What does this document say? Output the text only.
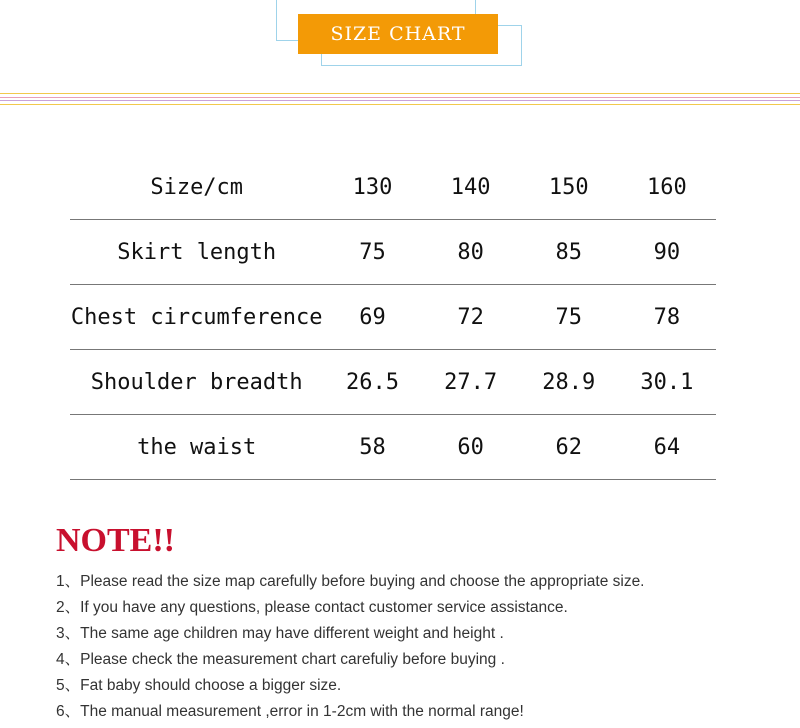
SIZE CHART
Size/cm	130	140	150	160
Skirt length	75	80	85	90
Chest circumference	69	72	75	78
Shoulder breadth	26.5	27.7	28.9	30.1
the waist	58	60	62	64
NOTE!!
1、Please read the size map carefully before buying and choose the appropriate size.
2、If you have any questions, please contact customer service assistance.
3、The same age children may have different weight and height .
4、Please check the measurement chart carefuliy before buying .
5、Fat baby should choose a bigger size.
6、The manual measurement ,error in 1-2cm with the normal range!
